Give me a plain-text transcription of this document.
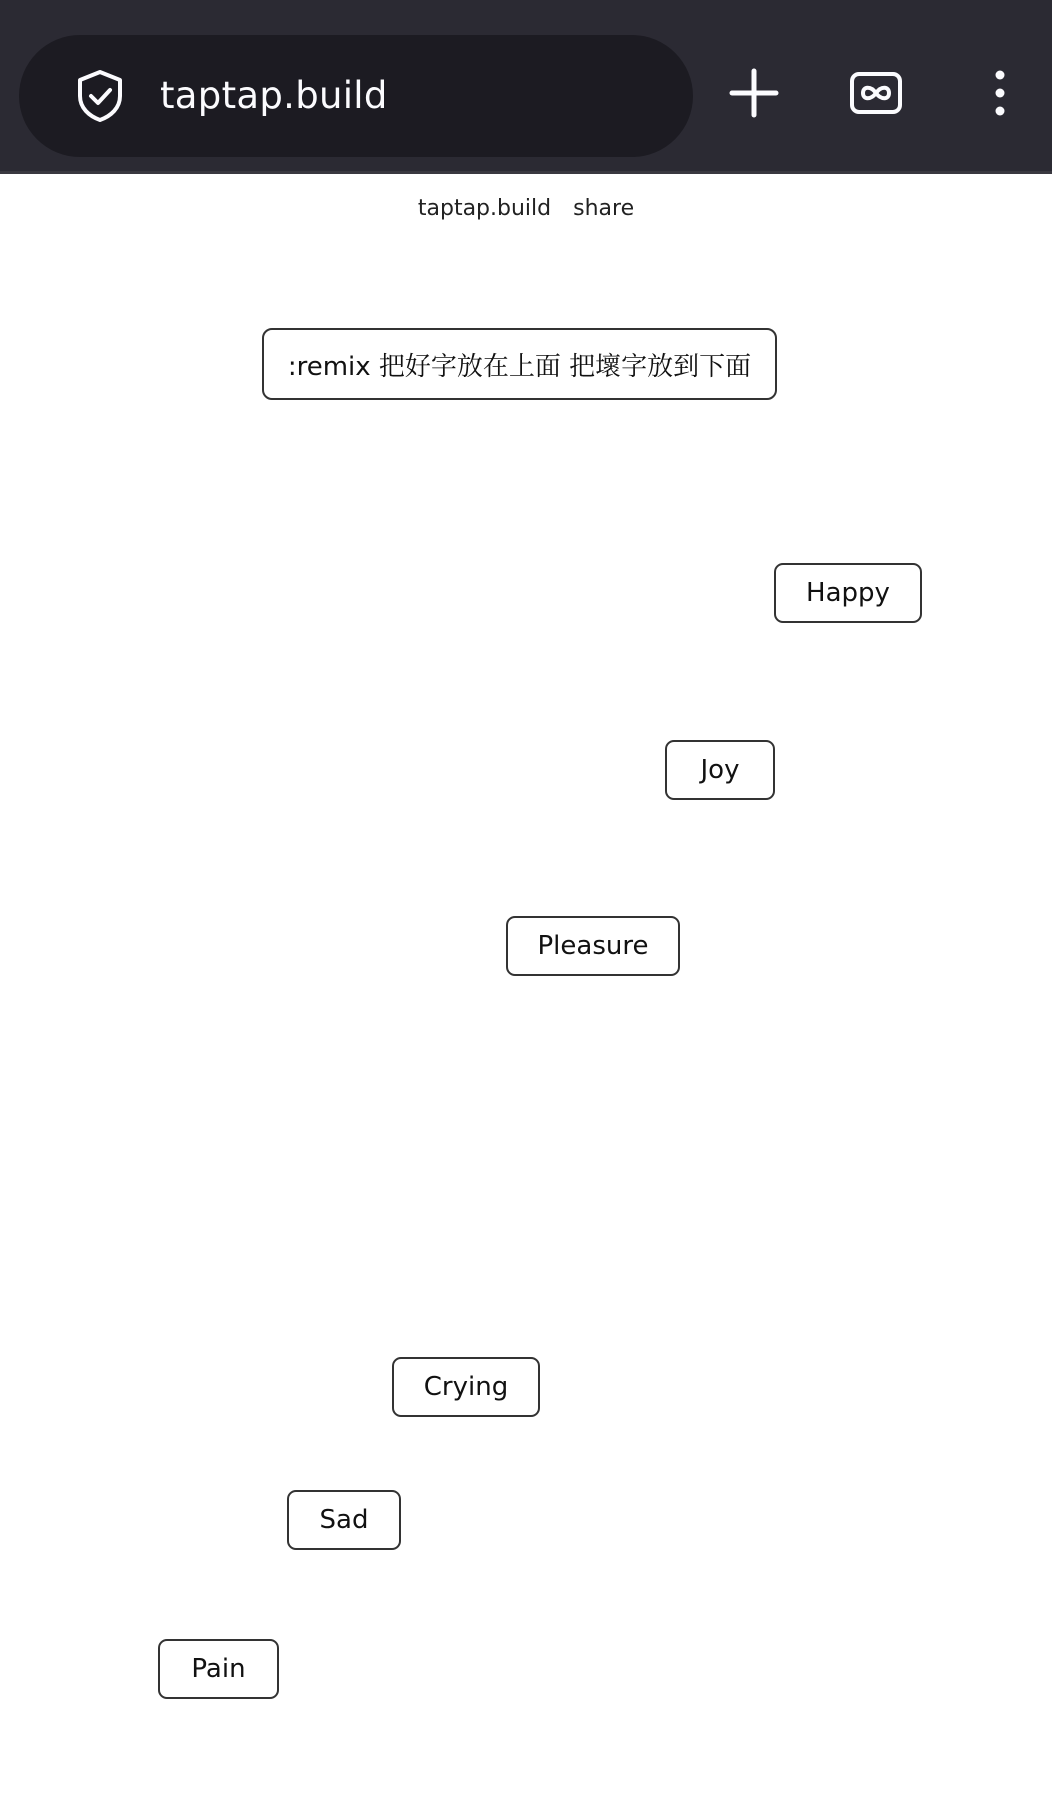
taptap.build
taptap.build share
:remix 把好字放在上面 把壞字放到下面
Happy
Joy
Pleasure
Crying
Sad
Pain
